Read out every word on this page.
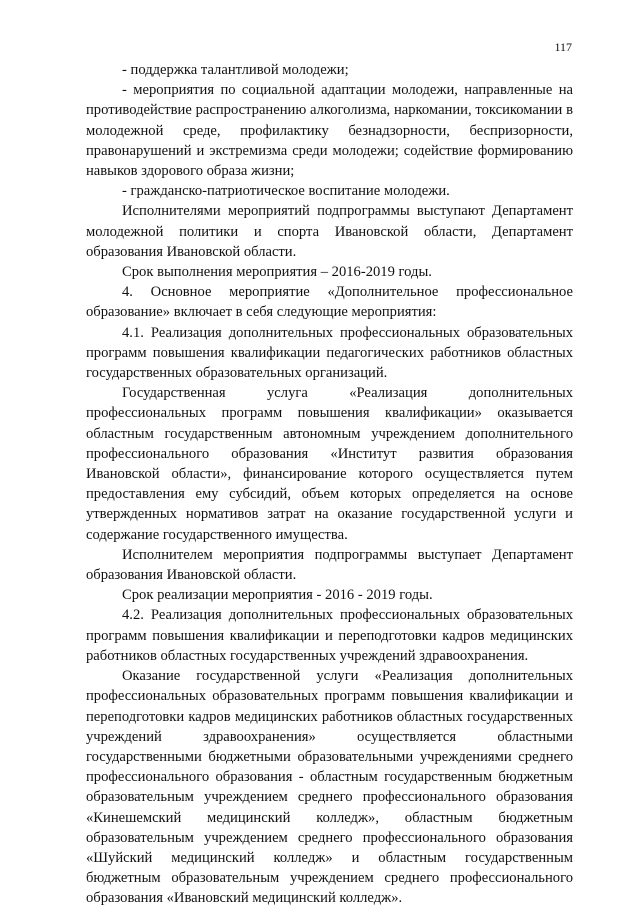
117

- поддержка талантливой молодежи;

- мероприятия по социальной адаптации молодежи, направленные на противодействие распространению алкоголизма, наркомании, токсикомании в молодежной среде, профилактику безнадзорности, беспризорности, правонарушений и экстремизма среди молодежи; содействие формированию навыков здорового образа жизни;

- гражданско-патриотическое воспитание молодежи.

Исполнителями мероприятий подпрограммы выступают Департамент молодежной политики и спорта Ивановской области, Департамент образования Ивановской области.

Срок выполнения мероприятия – 2016-2019 годы.

4. Основное мероприятие «Дополнительное профессиональное образование» включает в себя следующие мероприятия:

4.1. Реализация дополнительных профессиональных образовательных программ повышения квалификации педагогических работников областных государственных образовательных организаций.

Государственная услуга «Реализация дополнительных профессиональных программ повышения квалификации» оказывается областным государственным автономным учреждением дополнительного профессионального образования «Институт развития образования Ивановской области», финансирование которого осуществляется путем предоставления ему субсидий, объем которых определяется на основе утвержденных нормативов затрат на оказание государственной услуги и содержание государственного имущества.

Исполнителем мероприятия подпрограммы выступает Департамент образования Ивановской области.

Срок реализации мероприятия - 2016 - 2019 годы.

4.2. Реализация дополнительных профессиональных образовательных программ повышения квалификации и переподготовки кадров медицинских работников областных государственных учреждений здравоохранения.

Оказание государственной услуги «Реализация дополнительных профессиональных образовательных программ повышения квалификации и переподготовки кадров медицинских работников областных государственных учреждений здравоохранения» осуществляется областными государственными бюджетными образовательными учреждениями среднего профессионального образования - областным государственным бюджетным образовательным учреждением среднего профессионального образования «Кинешемский медицинский колледж», областным бюджетным образовательным учреждением среднего профессионального образования «Шуйский медицинский колледж» и областным государственным бюджетным образовательным учреждением среднего профессионального образования «Ивановский медицинский колледж».
